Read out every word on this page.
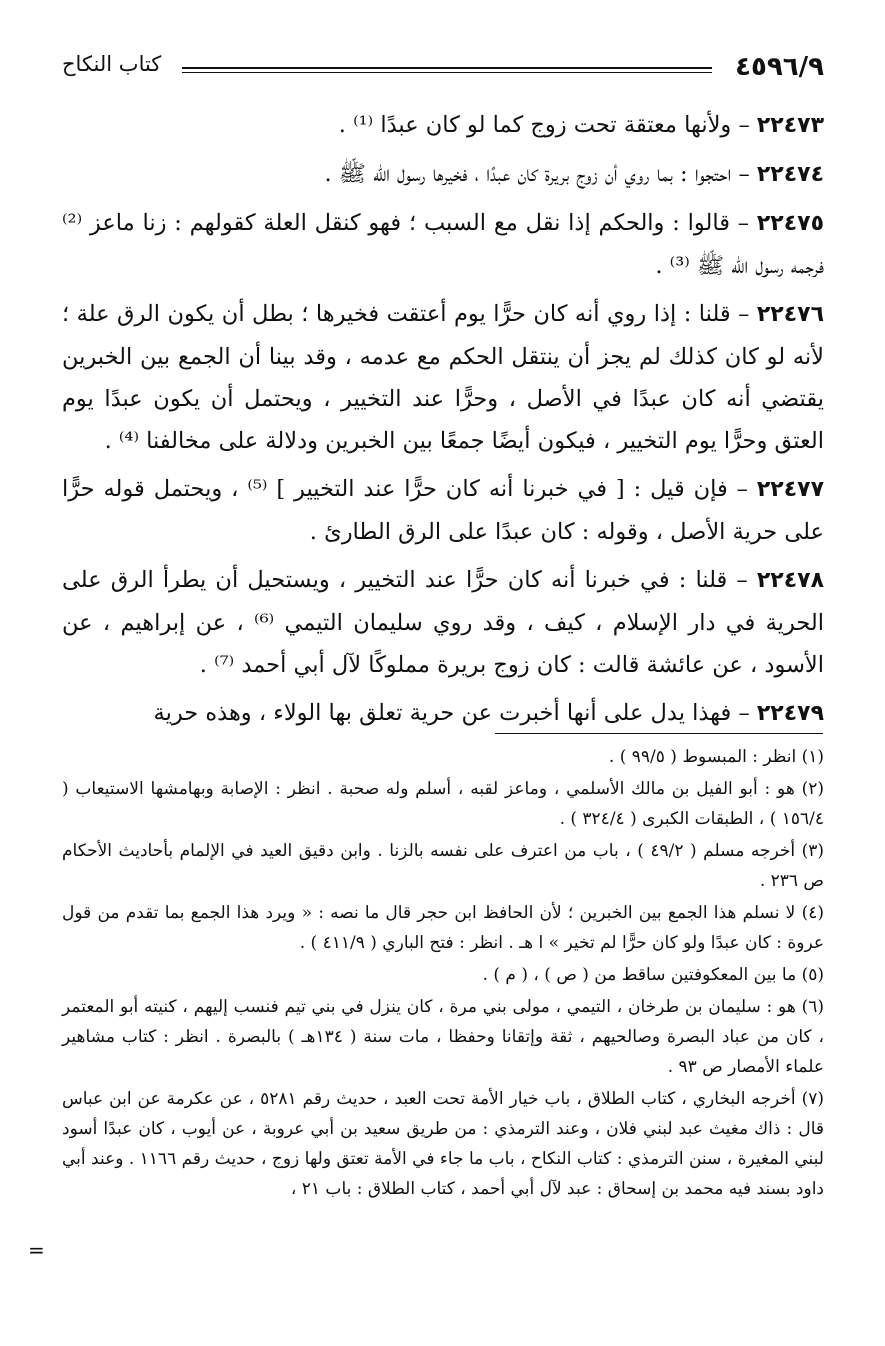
٤٥٩٦/٩
كتاب النكاح

٢٢٤٧٣ – ولأنها معتقة تحت زوج كما لو كان عبدًا ⁽¹⁾ .

٢٢٤٧٤ – احتجوا : بما روي أن زوج بريرة كان عبدًا ، فخيرها رسول اللّٰه ﷺ .

٢٢٤٧٥ – قالوا : والحكم إذا نقل مع السبب ؛ فهو كنقل العلة كقولهم : زنا ماعز ⁽²⁾ فرجمه رسول اللّٰه ﷺ ⁽³⁾ .

٢٢٤٧٦ – قلنا : إذا روي أنه كان حرًّا يوم أعتقت فخيرها ؛ بطل أن يكون الرق علة ؛ لأنه لو كان كذلك لم يجز أن ينتقل الحكم مع عدمه ، وقد بينا أن الجمع بين الخبرين يقتضي أنه كان عبدًا في الأصل ، وحرًّا عند التخيير ، ويحتمل أن يكون عبدًا يوم العتق وحرًّا يوم التخيير ، فيكون أيضًا جمعًا بين الخبرين ودلالة على مخالفنا ⁽⁴⁾ .

٢٢٤٧٧ – فإن قيل : [ في خبرنا أنه كان حرًّا عند التخيير ] ⁽⁵⁾ ، ويحتمل قوله حرًّا على حرية الأصل ، وقوله : كان عبدًا على الرق الطارئ .

٢٢٤٧٨ – قلنا : في خبرنا أنه كان حرًّا عند التخيير ، ويستحيل أن يطرأ الرق على الحرية في دار الإسلام ، كيف ، وقد روي سليمان التيمي ⁽⁶⁾ ، عن إبراهيم ، عن الأسود ، عن عائشة قالت : كان زوج بريرة مملوكًا لآل أبي أحمد ⁽⁷⁾ .

٢٢٤٧٩ – فهذا يدل على أنها أخبرت عن حرية تعلق بها الولاء ، وهذه حرية

(١) انظر : المبسوط ( ٩٩/٥ ) .

(٢) هو : أبو الفيل بن مالك الأسلمي ، وماعز لقبه ، أسلم وله صحبة . انظر : الإصابة وبهامشها الاستيعاب ( ١٥٦/٤ ) ، الطبقات الكبرى ( ٣٢٤/٤ ) .

(٣) أخرجه مسلم ( ٤٩/٢ ) ، باب من اعترف على نفسه بالزنا . وابن دقيق العيد في الإلمام بأحاديث الأحكام ص ٢٣٦ .

(٤) لا نسلم هذا الجمع بين الخبرين ؛ لأن الحافظ ابن حجر قال ما نصه : « ويرد هذا الجمع بما تقدم من قول عروة : كان عبدًا ولو كان حرًّا لم تخير » ا هـ . انظر : فتح الباري ( ٤١١/٩ ) .

(٥) ما بين المعكوفتين ساقط من ( ص ) ، ( م ) .

(٦) هو : سليمان بن طرخان ، التيمي ، مولى بني مرة ، كان ينزل في بني تيم فنسب إليهم ، كنيته أبو المعتمر ، كان من عباد البصرة وصالحيهم ، ثقة وإتقانا وحفظا ، مات سنة ( ١٣٤هـ ) بالبصرة . انظر : كتاب مشاهير علماء الأمصار ص ٩٣ .

(٧) أخرجه البخاري ، كتاب الطلاق ، باب خيار الأمة تحت العبد ، حديث رقم ٥٢٨١ ، عن عكرمة عن ابن عباس قال : ذاك مغيث عبد لبني فلان ، وعند الترمذي : من طريق سعيد بن أبي عروبة ، عن أيوب ، كان عبدًا أسود لبني المغيرة ، سنن الترمذي : كتاب النكاح ، باب ما جاء في الأمة تعتق ولها زوج ، حديث رقم ١١٦٦ . وعند أبي داود بسند فيه محمد بن إسحاق : عبد لآل أبي أحمد ، كتاب الطلاق : باب ٢١ ،

=
